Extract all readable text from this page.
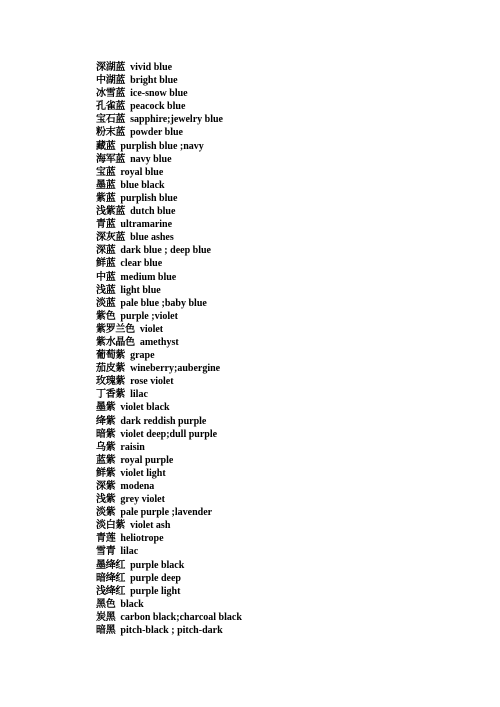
深湖蓝 vivid blue
中湖蓝 bright blue
冰雪蓝 ice-snow blue
孔雀蓝 peacock blue
宝石蓝 sapphire;jewelry blue
粉末蓝 powder blue
藏蓝 purplish blue ;navy
海军蓝 navy blue
宝蓝 royal blue
墨蓝 blue black
紫蓝 purplish blue
浅紫蓝 dutch blue
青蓝 ultramarine
深灰蓝 blue ashes
深蓝 dark blue ; deep blue
鲜蓝 clear blue
中蓝 medium blue
浅蓝 light blue
淡蓝 pale blue ;baby blue
紫色 purple ;violet
紫罗兰色 violet
紫水晶色 amethyst
葡萄紫 grape
茄皮紫 wineberry;aubergine
玫瑰紫 rose violet
丁香紫 lilac
墨紫 violet black
绛紫 dark reddish purple
暗紫 violet deep;dull purple
乌紫 raisin
蓝紫 royal purple
鲜紫 violet light
深紫 modena
浅紫 grey violet
淡紫 pale purple ;lavender
淡白紫 violet ash
青莲 heliotrope
雪青 lilac
墨绛红 purple black
暗绛红 purple deep
浅绛红 purple light
黑色 black
炭黑 carbon black;charcoal black
暗黑 pitch-black ; pitch-dark
